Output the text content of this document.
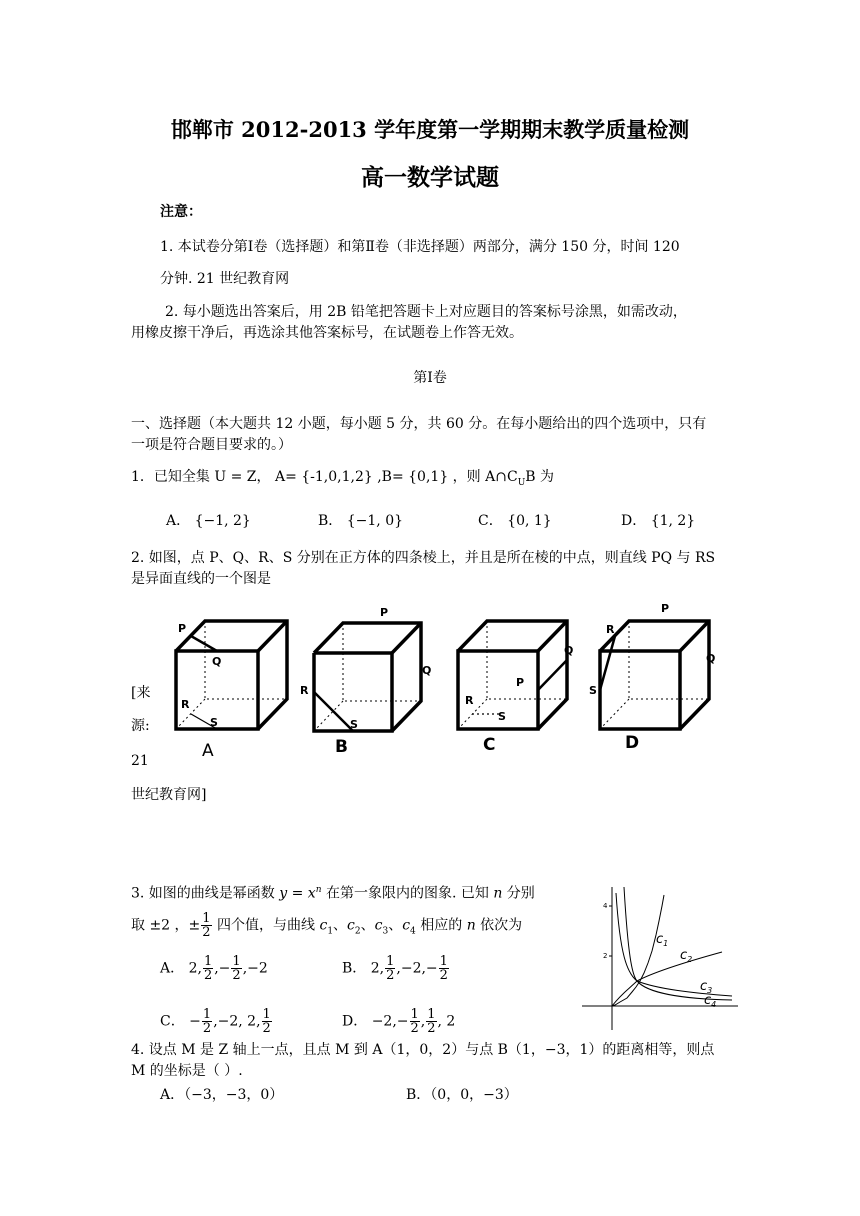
邯郸市 2012-2013 学年度第一学期期末教学质量检测
高一数学试题
注意：
1. 本试卷分第Ⅰ卷（选择题）和第Ⅱ卷（非选择题）两部分，满分 150 分，时间 120
分钟. 21 世纪教育网
2. 每小题选出答案后，用 2B 铅笔把答题卡上对应题目的答案标号涂黑，如需改动，
用橡皮擦干净后，再选涂其他答案标号，在试题卷上作答无效。
第Ⅰ卷
一、选择题（本大题共 12 小题，每小题 5 分，共 60 分。在每小题给出的四个选项中，只有
一项是符合题目要求的。）
1．已知全集 U = Z， A= {-1,0,1,2} ,B= {0,1} ，则 $A\cap C_UB$ 为
A． {−1, 2}	B． {−1, 0}	C． {0, 1}	D． {1, 2}
2. 如图，点 P、Q、R、S 分别在正方体的四条棱上，并且是所在棱的中点，则直线 PQ 与 RS
是异面直线的一个图是
[来
源:
21
世纪教育网]
P
Q
R
S
P
Q
R
S
Q
P
R
S
R
P
Q
S
A	B	C	D
3. 如图的曲线是幂函数 $y = x^n$ 在第一象限内的图象. 已知 n 分别
取 ±2 ，± $\frac{1}{2}$ 四个值，与曲线 $c_1$、$c_2$、$c_3$、$c_4$ 相应的 n 依次为
A． 2, $\frac{1}{2}$ ,− $\frac{1}{2} ,-2$	B． 2, $\frac{1}{2} ,-2,- \frac{1}{2}$
C． − $\frac{1}{2} ,-2$, 2, $\frac{1}{2}$	D． $-2,- \frac{1}{2}$ , $\frac{1}{2}$ , 2
4
2
$c_1$
$c_2$
$c_3$
$c_4$
4. 设点 M 是 Z 轴上一点，且点 M 到 A（1，0，2）与点 B（1，−3，1）的距离相等，则点
M 的坐标是（ ）.
A．（−3，−3，0）	B．（0，0，−3）
